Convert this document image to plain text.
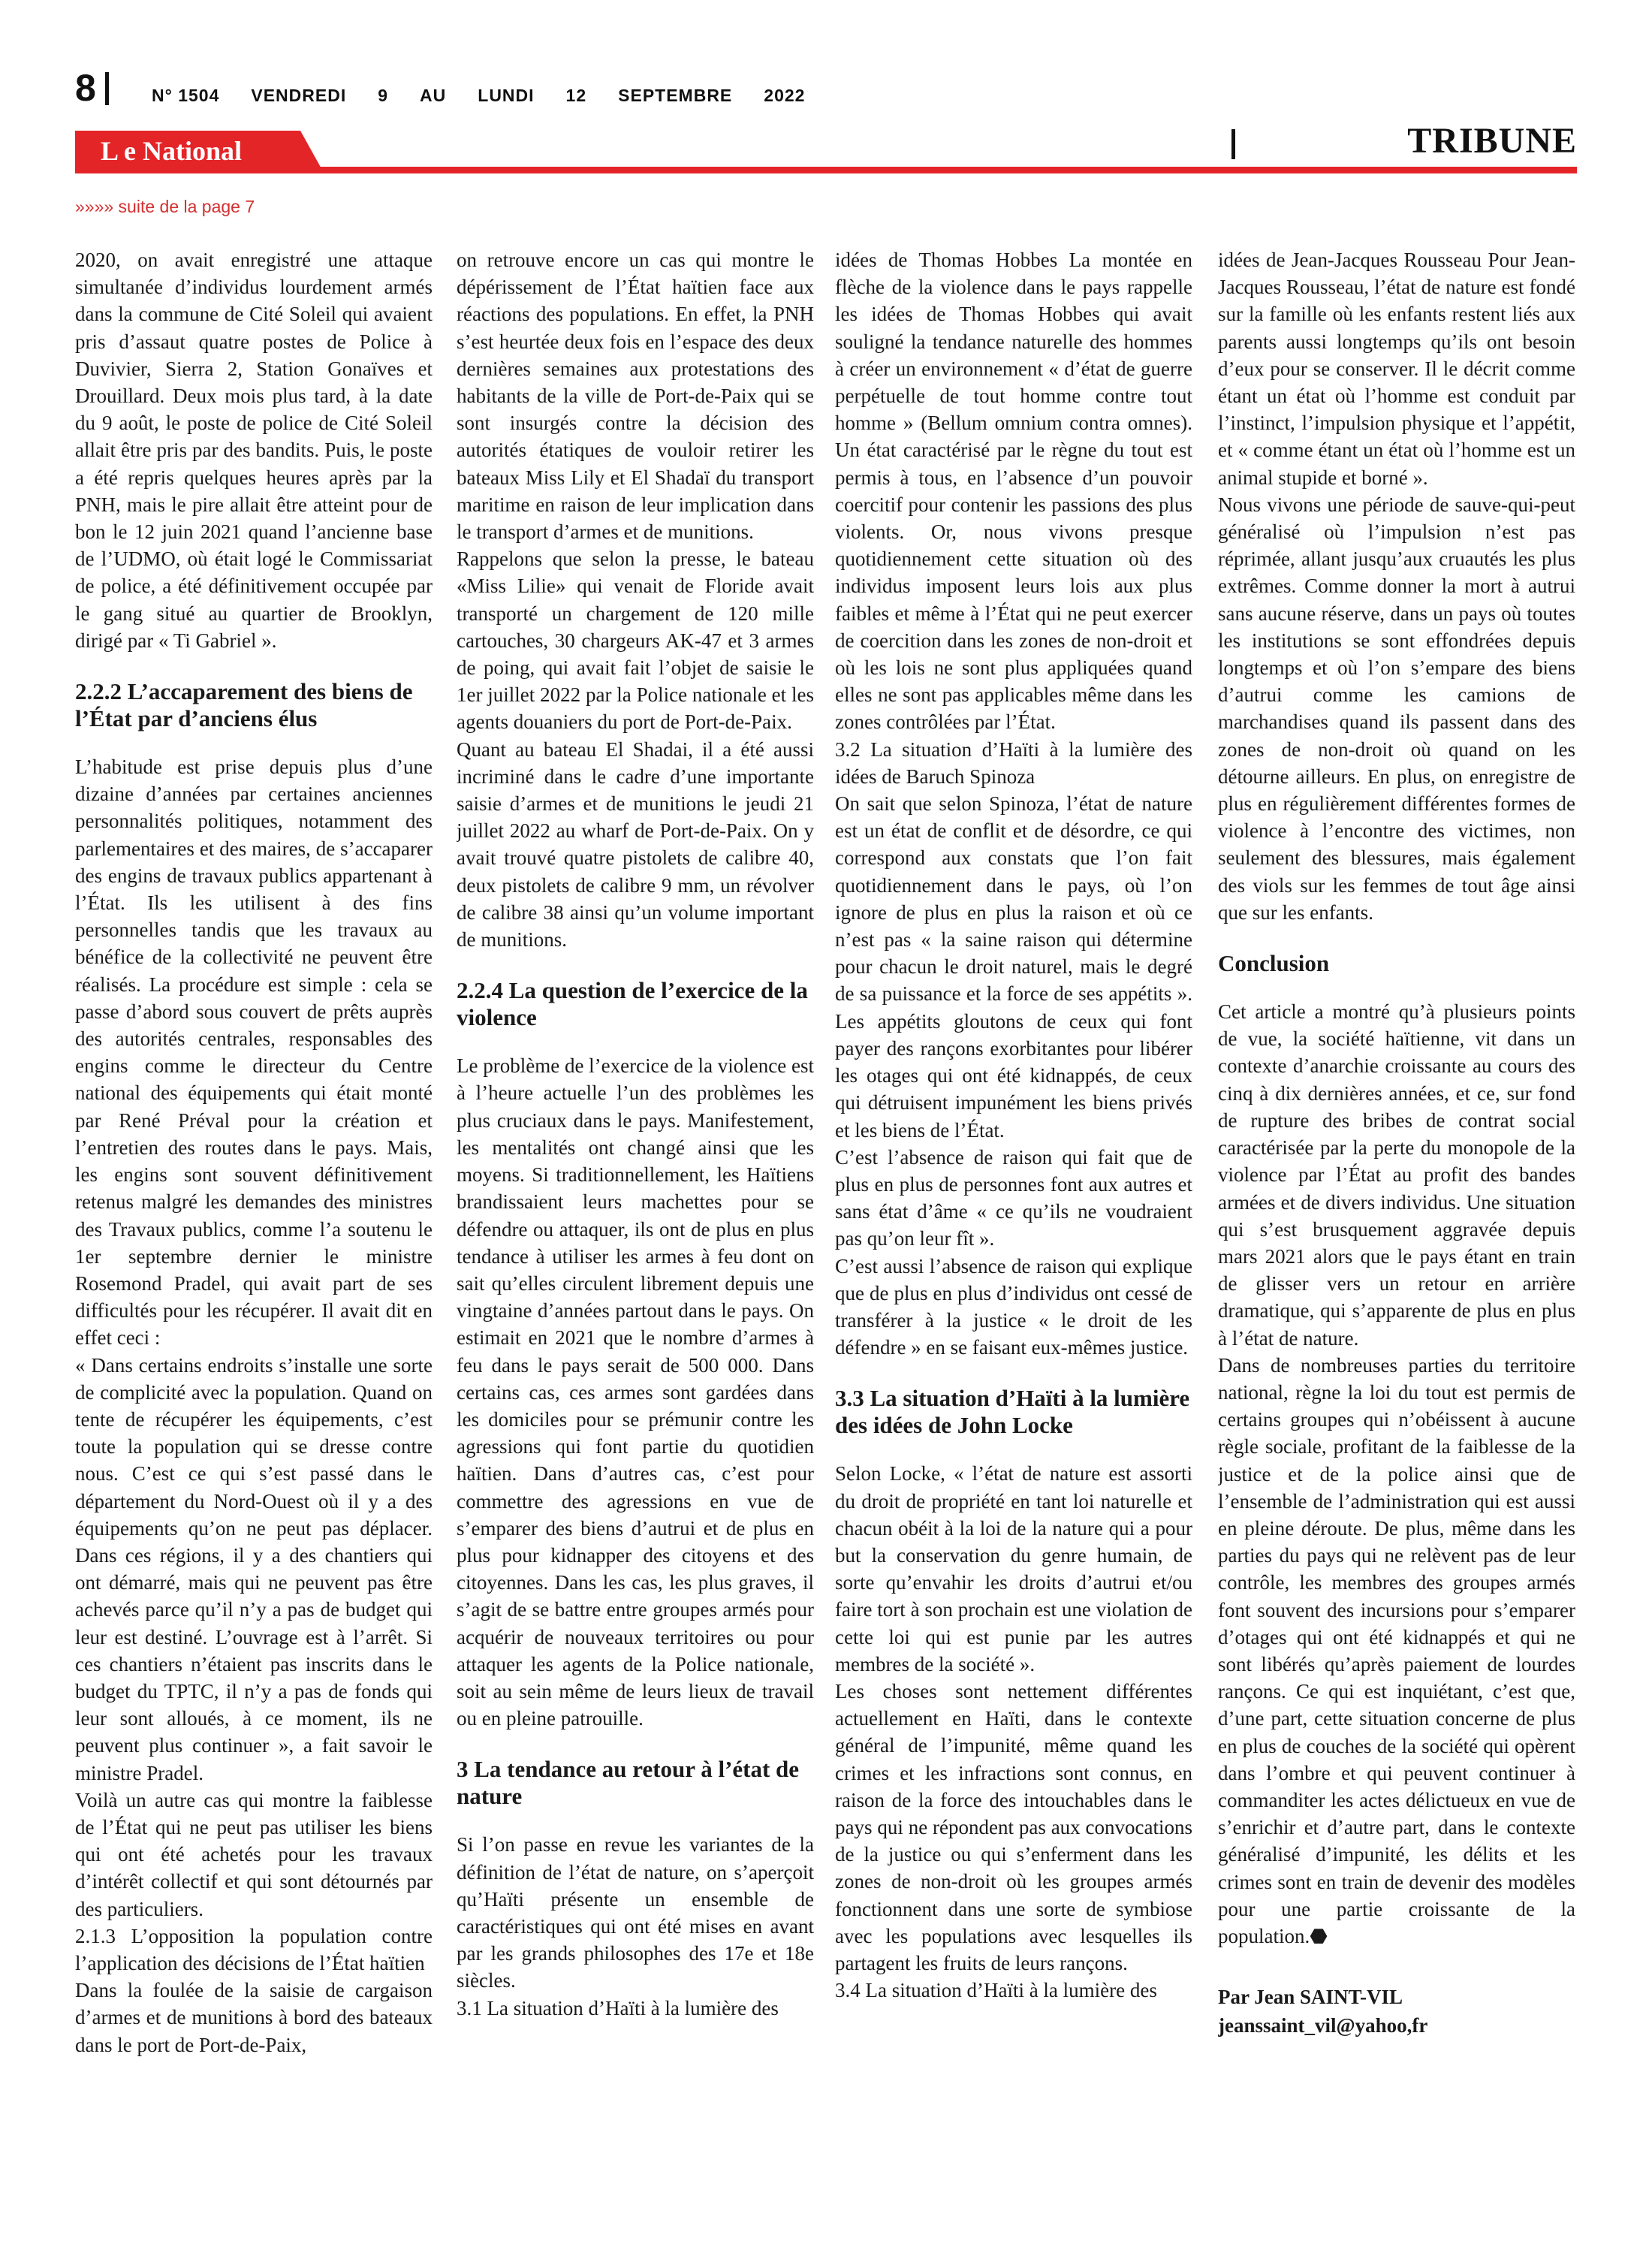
8	N° 1504 VENDREDI 9 AU LUNDI 12 SEPTEMBRE 2022
L e National	TRIBUNE
»»»» suite de la page 7

2020, on avait enregistré une attaque simultanée d’individus lourdement armés dans la commune de Cité Soleil qui avaient pris d’assaut quatre postes de Police à Duvivier, Sierra 2, Station Gonaïves et Drouillard. Deux mois plus tard, à la date du 9 août, le poste de police de Cité Soleil allait être pris par des bandits. Puis, le poste a été repris quelques heures après par la PNH, mais le pire allait être atteint pour de bon le 12 juin 2021 quand l’ancienne base de l’UDMO, où était logé le Commissariat de police, a été définitivement occupée par le gang situé au quartier de Brooklyn, dirigé par « Ti Gabriel ».

2.2.2 L’accaparement des biens de l’État par d’anciens élus

L’habitude est prise depuis plus d’une dizaine d’années par certaines anciennes personnalités politiques, notamment des parlementaires et des maires, de s’accaparer des engins de travaux publics appartenant à l’État. Ils les utilisent à des fins personnelles tandis que les travaux au bénéfice de la collectivité ne peuvent être réalisés. La procédure est simple : cela se passe d’abord sous couvert de prêts auprès des autorités centrales, responsables des engins comme le directeur du Centre national des équipements qui était monté par René Préval pour la création et l’entretien des routes dans le pays. Mais, les engins sont souvent définitivement retenus malgré les demandes des ministres des Travaux publics, comme l’a soutenu le 1er septembre dernier le ministre Rosemond Pradel, qui avait part de ses difficultés pour les récupérer. Il avait dit en effet ceci :

« Dans certains endroits s’installe une sorte de complicité avec la population. Quand on tente de récupérer les équipements, c’est toute la population qui se dresse contre nous. C’est ce qui s’est passé dans le département du Nord-Ouest où il y a des équipements qu’on ne peut pas déplacer. Dans ces régions, il y a des chantiers qui ont démarré, mais qui ne peuvent pas être achevés parce qu’il n’y a pas de budget qui leur est destiné. L’ouvrage est à l’arrêt. Si ces chantiers n’étaient pas inscrits dans le budget du TPTC, il n’y a pas de fonds qui leur sont alloués, à ce moment, ils ne peuvent plus continuer », a fait savoir le ministre Pradel.

Voilà un autre cas qui montre la faiblesse de l’État qui ne peut pas utiliser les biens qui ont été achetés pour les travaux d’intérêt collectif et qui sont détournés par des particuliers.

2.1.3 L’opposition la population contre l’application des décisions de l’État haïtien

Dans la foulée de la saisie de cargaison d’armes et de munitions à bord des bateaux dans le port de Port-de-Paix,

on retrouve encore un cas qui montre le dépérissement de l’État haïtien face aux réactions des populations. En effet, la PNH s’est heurtée deux fois en l’espace des deux dernières semaines aux protestations des habitants de la ville de Port-de-Paix qui se sont insurgés contre la décision des autorités étatiques de vouloir retirer les bateaux Miss Lily et El Shadaï du transport maritime en raison de leur implication dans le transport d’armes et de munitions.

Rappelons que selon la presse, le bateau «Miss Lilie» qui venait de Floride avait transporté un chargement de 120 mille cartouches, 30 chargeurs AK-47 et 3 armes de poing, qui avait fait l’objet de saisie le 1er juillet 2022 par la Police nationale et les agents douaniers du port de Port-de-Paix.

Quant au bateau El Shadai, il a été aussi incriminé dans le cadre d’une importante saisie d’armes et de munitions le jeudi 21 juillet 2022 au wharf de Port-de-Paix. On y avait trouvé quatre pistolets de calibre 40, deux pistolets de calibre 9 mm, un révolver de calibre 38 ainsi qu’un volume important de munitions.

2.2.4 La question de l’exercice de la violence

Le problème de l’exercice de la violence est à l’heure actuelle l’un des problèmes les plus cruciaux dans le pays. Manifestement, les mentalités ont changé ainsi que les moyens. Si traditionnellement, les Haïtiens brandissaient leurs machettes pour se défendre ou attaquer, ils ont de plus en plus tendance à utiliser les armes à feu dont on sait qu’elles circulent librement depuis une vingtaine d’années partout dans le pays. On estimait en 2021 que le nombre d’armes à feu dans le pays serait de 500 000. Dans certains cas, ces armes sont gardées dans les domiciles pour se prémunir contre les agressions qui font partie du quotidien haïtien. Dans d’autres cas, c’est pour commettre des agressions en vue de s’emparer des biens d’autrui et de plus en plus pour kidnapper des citoyens et des citoyennes. Dans les cas, les plus graves, il s’agit de se battre entre groupes armés pour acquérir de nouveaux territoires ou pour attaquer les agents de la Police nationale, soit au sein même de leurs lieux de travail ou en pleine patrouille.

3 La tendance au retour à l’état de nature

Si l’on passe en revue les variantes de la définition de l’état de nature, on s’aperçoit qu’Haïti présente un ensemble de caractéristiques qui ont été mises en avant par les grands philosophes des 17e et 18e siècles.

3.1 La situation d’Haïti à la lumière des

idées de Thomas Hobbes La montée en flèche de la violence dans le pays rappelle les idées de Thomas Hobbes qui avait souligné la tendance naturelle des hommes à créer un environnement « d’état de guerre perpétuelle de tout homme contre tout homme » (Bellum omnium contra omnes). Un état caractérisé par le règne du tout est permis à tous, en l’absence d’un pouvoir coercitif pour contenir les passions des plus violents. Or, nous vivons presque quotidiennement cette situation où des individus imposent leurs lois aux plus faibles et même à l’État qui ne peut exercer de coercition dans les zones de non-droit et où les lois ne sont plus appliquées quand elles ne sont pas applicables même dans les zones contrôlées par l’État.

3.2 La situation d’Haïti à la lumière des idées de Baruch Spinoza

On sait que selon Spinoza, l’état de nature est un état de conflit et de désordre, ce qui correspond aux constats que l’on fait quotidiennement dans le pays, où l’on ignore de plus en plus la raison et où ce n’est pas « la saine raison qui détermine pour chacun le droit naturel, mais le degré de sa puissance et la force de ses appétits ». Les appétits gloutons de ceux qui font payer des rançons exorbitantes pour libérer les otages qui ont été kidnappés, de ceux qui détruisent impunément les biens privés et les biens de l’État.

C’est l’absence de raison qui fait que de plus en plus de personnes font aux autres et sans état d’âme « ce qu’ils ne voudraient pas qu’on leur fît ».

C’est aussi l’absence de raison qui explique que de plus en plus d’individus ont cessé de transférer à la justice « le droit de les défendre » en se faisant eux-mêmes justice.

3.3 La situation d’Haïti à la lumière des idées de John Locke

Selon Locke, « l’état de nature est assorti du droit de propriété en tant loi naturelle et chacun obéit à la loi de la nature qui a pour but la conservation du genre humain, de sorte qu’envahir les droits d’autrui et/ou faire tort à son prochain est une violation de cette loi qui est punie par les autres membres de la société ».

Les choses sont nettement différentes actuellement en Haïti, dans le contexte général de l’impunité, même quand les crimes et les infractions sont connus, en raison de la force des intouchables dans le pays qui ne répondent pas aux convocations de la justice ou qui s’enferment dans les zones de non-droit où les groupes armés fonctionnent dans une sorte de symbiose avec les populations avec lesquelles ils partagent les fruits de leurs rançons.

3.4 La situation d’Haïti à la lumière des

idées de Jean-Jacques Rousseau Pour Jean-Jacques Rousseau, l’état de nature est fondé sur la famille où les enfants restent liés aux parents aussi longtemps qu’ils ont besoin d’eux pour se conserver. Il le décrit comme étant un état où l’homme est conduit par l’instinct, l’impulsion physique et l’appétit, et « comme étant un état où l’homme est un animal stupide et borné ».

Nous vivons une période de sauve-qui-peut généralisé où l’impulsion n’est pas réprimée, allant jusqu’aux cruautés les plus extrêmes. Comme donner la mort à autrui sans aucune réserve, dans un pays où toutes les institutions se sont effondrées depuis longtemps et où l’on s’empare des biens d’autrui comme les camions de marchandises quand ils passent dans des zones de non-droit où quand on les détourne ailleurs. En plus, on enregistre de plus en régulièrement différentes formes de violence à l’encontre des victimes, non seulement des blessures, mais également des viols sur les femmes de tout âge ainsi que sur les enfants.

Conclusion

Cet article a montré qu’à plusieurs points de vue, la société haïtienne, vit dans un contexte d’anarchie croissante au cours des cinq à dix dernières années, et ce, sur fond de rupture des bribes de contrat social caractérisée par la perte du monopole de la violence par l’État au profit des bandes armées et de divers individus. Une situation qui s’est brusquement aggravée depuis mars 2021 alors que le pays étant en train de glisser vers un retour en arrière dramatique, qui s’apparente de plus en plus à l’état de nature.

Dans de nombreuses parties du territoire national, règne la loi du tout est permis de certains groupes qui n’obéissent à aucune règle sociale, profitant de la faiblesse de la justice et de la police ainsi que de l’ensemble de l’administration qui est aussi en pleine déroute. De plus, même dans les parties du pays qui ne relèvent pas de leur contrôle, les membres des groupes armés font souvent des incursions pour s’emparer d’otages qui ont été kidnappés et qui ne sont libérés qu’après paiement de lourdes rançons. Ce qui est inquiétant, c’est que, d’une part, cette situation concerne de plus en plus de couches de la société qui opèrent dans l’ombre et qui peuvent continuer à commanditer les actes délictueux en vue de s’enrichir et d’autre part, dans le contexte généralisé d’impunité, les délits et les crimes sont en train de devenir des modèles pour une partie croissante de la population.⬣

Par Jean SAINT-VIL
jeanssaint_vil@yahoo,fr
